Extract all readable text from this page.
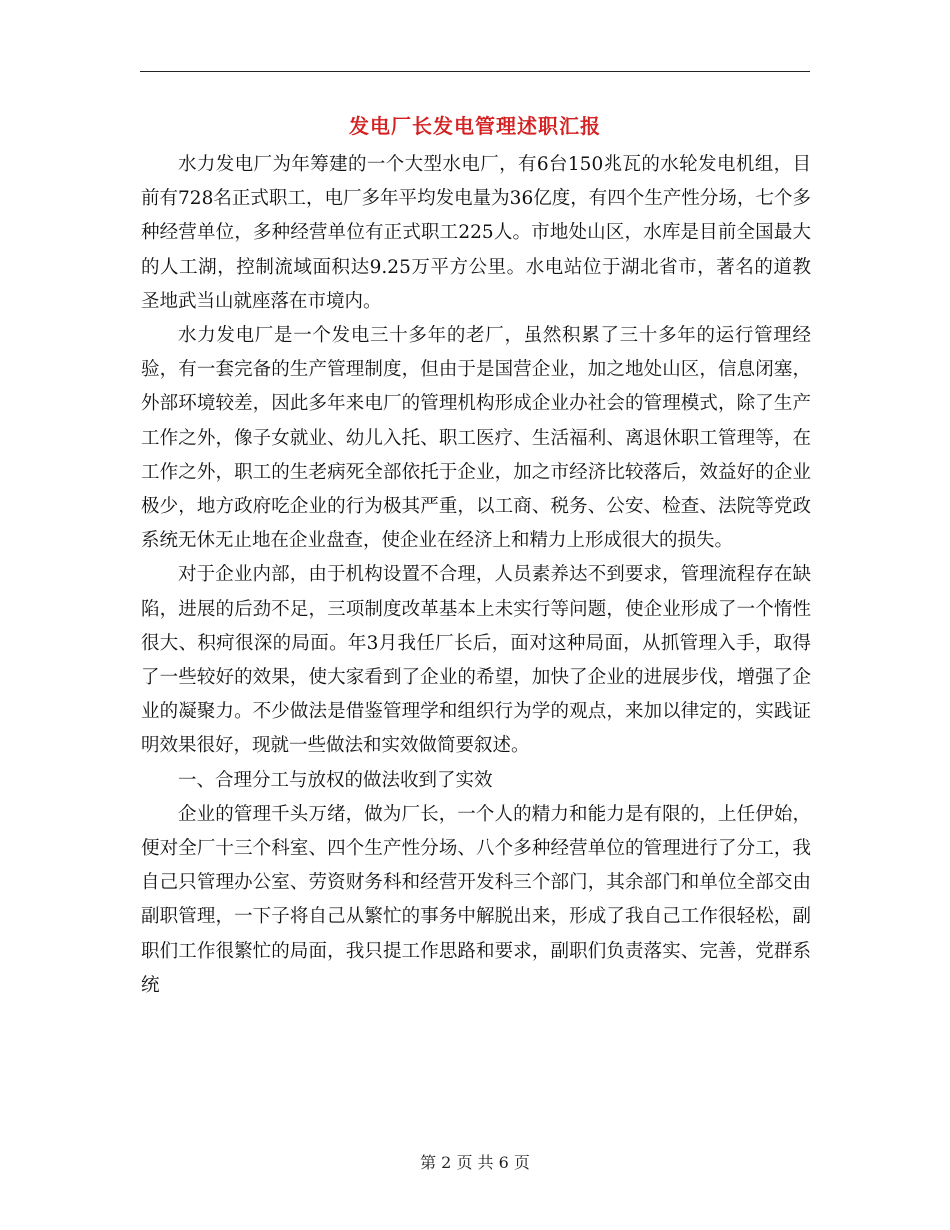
发电厂长发电管理述职汇报

水力发电厂为年筹建的一个大型水电厂，有6台150兆瓦的水轮发电机组，目前有728名正式职工，电厂多年平均发电量为36亿度，有四个生产性分场，七个多种经营单位，多种经营单位有正式职工225人。市地处山区，水库是目前全国最大的人工湖，控制流域面积达9.25万平方公里。水电站位于湖北省市，著名的道教圣地武当山就座落在市境内。

水力发电厂是一个发电三十多年的老厂，虽然积累了三十多年的运行管理经验，有一套完备的生产管理制度，但由于是国营企业，加之地处山区，信息闭塞，外部环境较差，因此多年来电厂的管理机构形成企业办社会的管理模式，除了生产工作之外，像子女就业、幼儿入托、职工医疗、生活福利、离退休职工管理等，在工作之外，职工的生老病死全部依托于企业，加之市经济比较落后，效益好的企业极少，地方政府吃企业的行为极其严重，以工商、税务、公安、检查、法院等党政系统无休无止地在企业盘查，使企业在经济上和精力上形成很大的损失。

对于企业内部，由于机构设置不合理，人员素养达不到要求，管理流程存在缺陷，进展的后劲不足，三项制度改革基本上未实行等问题，使企业形成了一个惰性很大、积疴很深的局面。年3月我任厂长后，面对这种局面，从抓管理入手，取得了一些较好的效果，使大家看到了企业的希望，加快了企业的进展步伐，增强了企业的凝聚力。不少做法是借鉴管理学和组织行为学的观点，来加以律定的，实践证明效果很好，现就一些做法和实效做简要叙述。

一、合理分工与放权的做法收到了实效

企业的管理千头万绪，做为厂长，一个人的精力和能力是有限的，上任伊始，便对全厂十三个科室、四个生产性分场、八个多种经营单位的管理进行了分工，我自己只管理办公室、劳资财务科和经营开发科三个部门，其余部门和单位全部交由副职管理，一下子将自己从繁忙的事务中解脱出来，形成了我自己工作很轻松，副职们工作很繁忙的局面，我只提工作思路和要求，副职们负责落实、完善，党群系统

第 2 页 共 6 页
